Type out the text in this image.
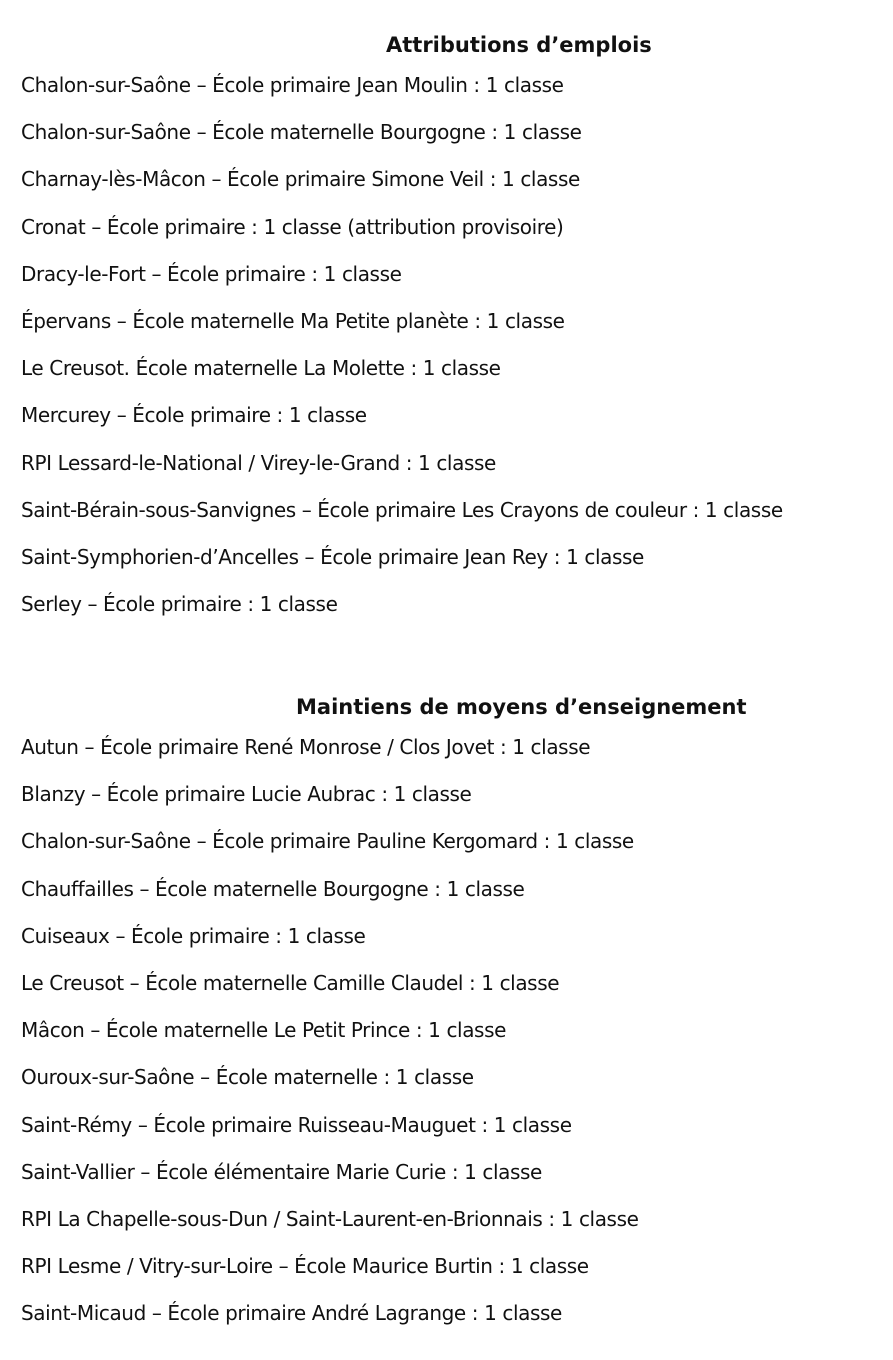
Attributions d’emplois
Chalon-sur-Saône – École primaire Jean Moulin : 1 classe
Chalon-sur-Saône – École maternelle Bourgogne : 1 classe
Charnay-lès-Mâcon – École primaire Simone Veil : 1 classe
Cronat – École primaire : 1 classe (attribution provisoire)
Dracy-le-Fort – École primaire : 1 classe
Épervans – École maternelle Ma Petite planète : 1 classe
Le Creusot. École maternelle La Molette : 1 classe
Mercurey – École primaire : 1 classe
RPI Lessard-le-National / Virey-le-Grand : 1 classe
Saint-Bérain-sous-Sanvignes – École primaire Les Crayons de couleur : 1 classe
Saint-Symphorien-d’Ancelles – École primaire Jean Rey : 1 classe
Serley – École primaire : 1 classe
Maintiens de moyens d’enseignement
Autun – École primaire René Monrose / Clos Jovet : 1 classe
Blanzy – École primaire Lucie Aubrac : 1 classe
Chalon-sur-Saône – École primaire Pauline Kergomard : 1 classe
Chauffailles – École maternelle Bourgogne : 1 classe
Cuiseaux – École primaire : 1 classe
Le Creusot – École maternelle Camille Claudel : 1 classe
Mâcon – École maternelle Le Petit Prince : 1 classe
Ouroux-sur-Saône – École maternelle : 1 classe
Saint-Rémy – École primaire Ruisseau-Mauguet : 1 classe
Saint-Vallier – École élémentaire Marie Curie : 1 classe
RPI La Chapelle-sous-Dun / Saint-Laurent-en-Brionnais : 1 classe
RPI Lesme / Vitry-sur-Loire – École Maurice Burtin : 1 classe
Saint-Micaud – École primaire André Lagrange : 1 classe
